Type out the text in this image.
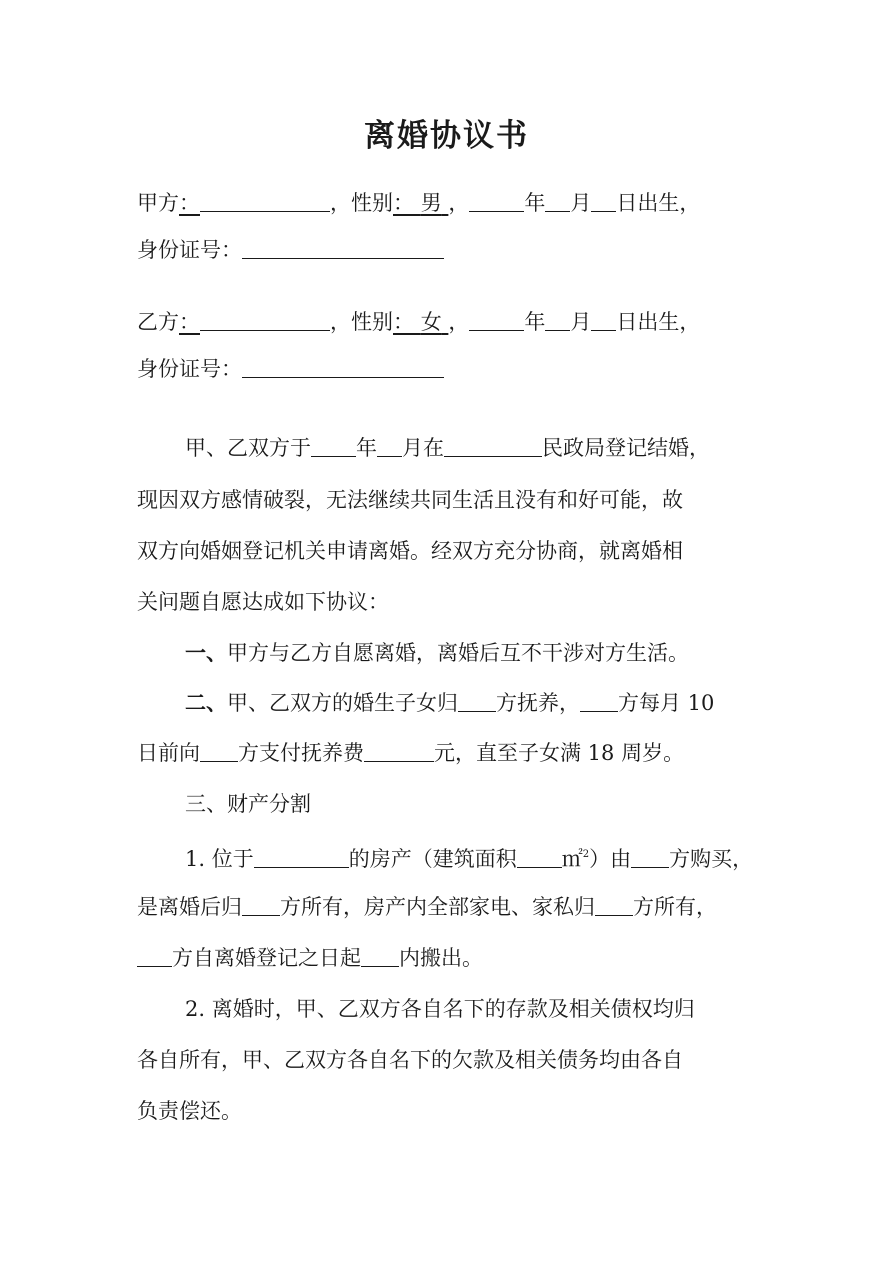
离婚协议书
甲方：	，性别： 男 ，	年 月 日出生，
身份证号：
乙方：	，性别： 女 ，	年 月 日出生，
身份证号：
甲、乙双方于 年 月在	民政局登记结婚，
现因双方感情破裂，无法继续共同生活且没有和好可能，故
双方向婚姻登记机关申请离婚。经双方充分协商，就离婚相
关问题自愿达成如下协议：
一、甲方与乙方自愿离婚，离婚后互不干涉对方生活。
二、甲、乙双方的婚生子女归 方抚养， 方每月 10
日前向 方支付抚养费	元，直至子女满 18 周岁。
三、财产分割
1. 位于	的房产（建筑面积 ㎡$^2$）由 方购买，
是离婚后归 方所有，房产内全部家电、家私归 方所有，
方自离婚登记之日起 内搬出。
2. 离婚时，甲、乙双方各自名下的存款及相关债权均归
各自所有，甲、乙双方各自名下的欠款及相关债务均由各自
负责偿还。
